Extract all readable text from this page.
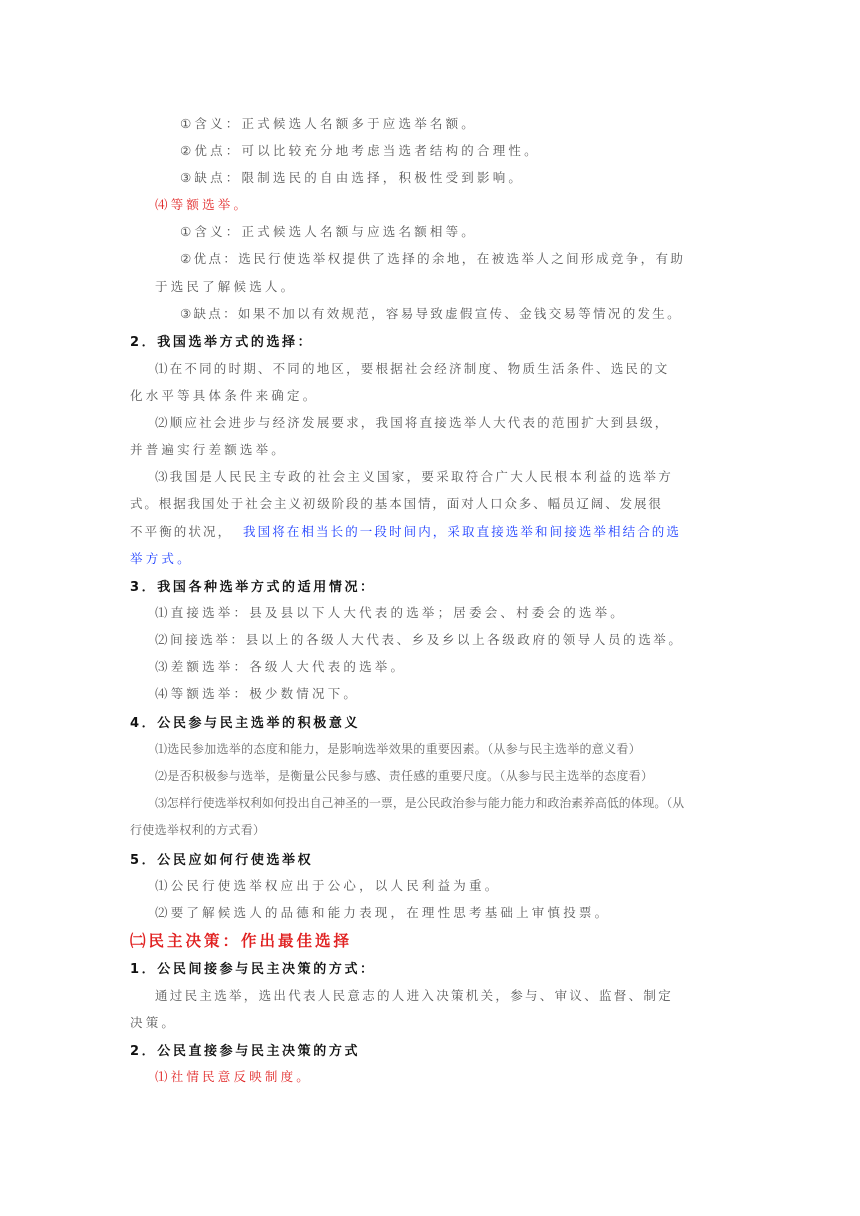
①含义：正式候选人名额多于应选举名额。
②优点：可以比较充分地考虑当选者结构的合理性。
③缺点：限制选民的自由选择，积极性受到影响。
⑷等额选举。
①含义：正式候选人名额与应选名额相等。
②优点：选民行使选举权提供了选择的余地，在被选举人之间形成竞争，有助
于选民了解候选人。
③缺点：如果不加以有效规范，容易导致虚假宣传、金钱交易等情况的发生。
2．我国选举方式的选择：
⑴在不同的时期、不同的地区，要根据社会经济制度、物质生活条件、选民的文
化水平等具体条件来确定。
⑵顺应社会进步与经济发展要求，我国将直接选举人大代表的范围扩大到县级，
并普遍实行差额选举。
⑶我国是人民民主专政的社会主义国家，要采取符合广大人民根本利益的选举方
式。根据我国处于社会主义初级阶段的基本国情，面对人口众多、幅员辽阔、发展很
不平衡的状况， 我国将在相当长的一段时间内，采取直接选举和间接选举相结合的选
举方式。
3．我国各种选举方式的适用情况：
⑴直接选举：县及县以下人大代表的选举；居委会、村委会的选举。
⑵间接选举：县以上的各级人大代表、乡及乡以上各级政府的领导人员的选举。
⑶差额选举：各级人大代表的选举。
⑷等额选举：极少数情况下。
4．公民参与民主选举的积极意义
⑴选民参加选举的态度和能力，是影响选举效果的重要因素。（从参与民主选举的意义看）
⑵是否积极参与选举，是衡量公民参与感、责任感的重要尺度。（从参与民主选举的态度看）
⑶怎样行使选举权利如何投出自己神圣的一票，是公民政治参与能力能力和政治素养高低的体现。（从
行使选举权利的方式看）
5．公民应如何行使选举权
⑴公民行使选举权应出于公心，以人民利益为重。
⑵要了解候选人的品德和能力表现，在理性思考基础上审慎投票。
㈡民主决策：作出最佳选择
1．公民间接参与民主决策的方式：
通过民主选举，选出代表人民意志的人进入决策机关，参与、审议、监督、制定
决策。
2．公民直接参与民主决策的方式
⑴社情民意反映制度。
